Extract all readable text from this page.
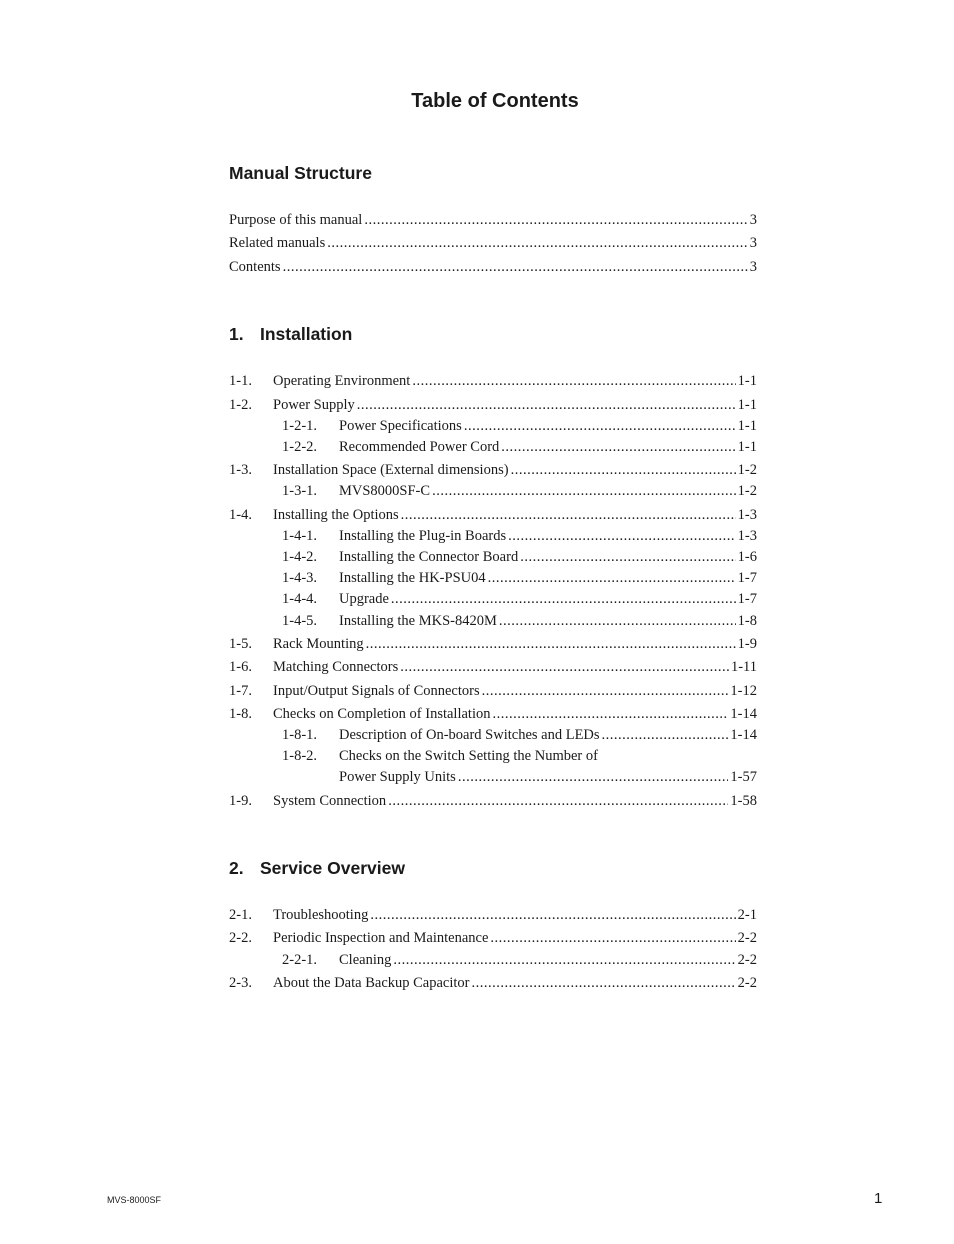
Table of Contents
Manual Structure
Purpose of this manual .....	3
Related manuals .....	3
Contents .....	3
1. Installation
1-1.	Operating Environment .....	1-1
1-2.	Power Supply .....	1-1
1-2-1.	Power Specifications .....	1-1
1-2-2.	Recommended Power Cord .....	1-1
1-3.	Installation Space (External dimensions) .....	1-2
1-3-1.	MVS8000SF-C .....	1-2
1-4.	Installing the Options .....	1-3
1-4-1.	Installing the Plug-in Boards .....	1-3
1-4-2.	Installing the Connector Board .....	1-6
1-4-3.	Installing the HK-PSU04 .....	1-7
1-4-4.	Upgrade .....	1-7
1-4-5.	Installing the MKS-8420M .....	1-8
1-5.	Rack Mounting .....	1-9
1-6.	Matching Connectors .....	1-11
1-7.	Input/Output Signals of Connectors .....	1-12
1-8.	Checks on Completion of Installation .....	1-14
1-8-1.	Description of On-board Switches and LEDs .....	1-14
1-8-2.	Checks on the Switch Setting the Number of
Power Supply Units .....	1-57
1-9.	System Connection .....	1-58
2. Service Overview
2-1.	Troubleshooting .....	2-1
2-2.	Periodic Inspection and Maintenance .....	2-2
2-2-1.	Cleaning .....	2-2
2-3.	About the Data Backup Capacitor .....	2-2
MVS-8000SF	1
